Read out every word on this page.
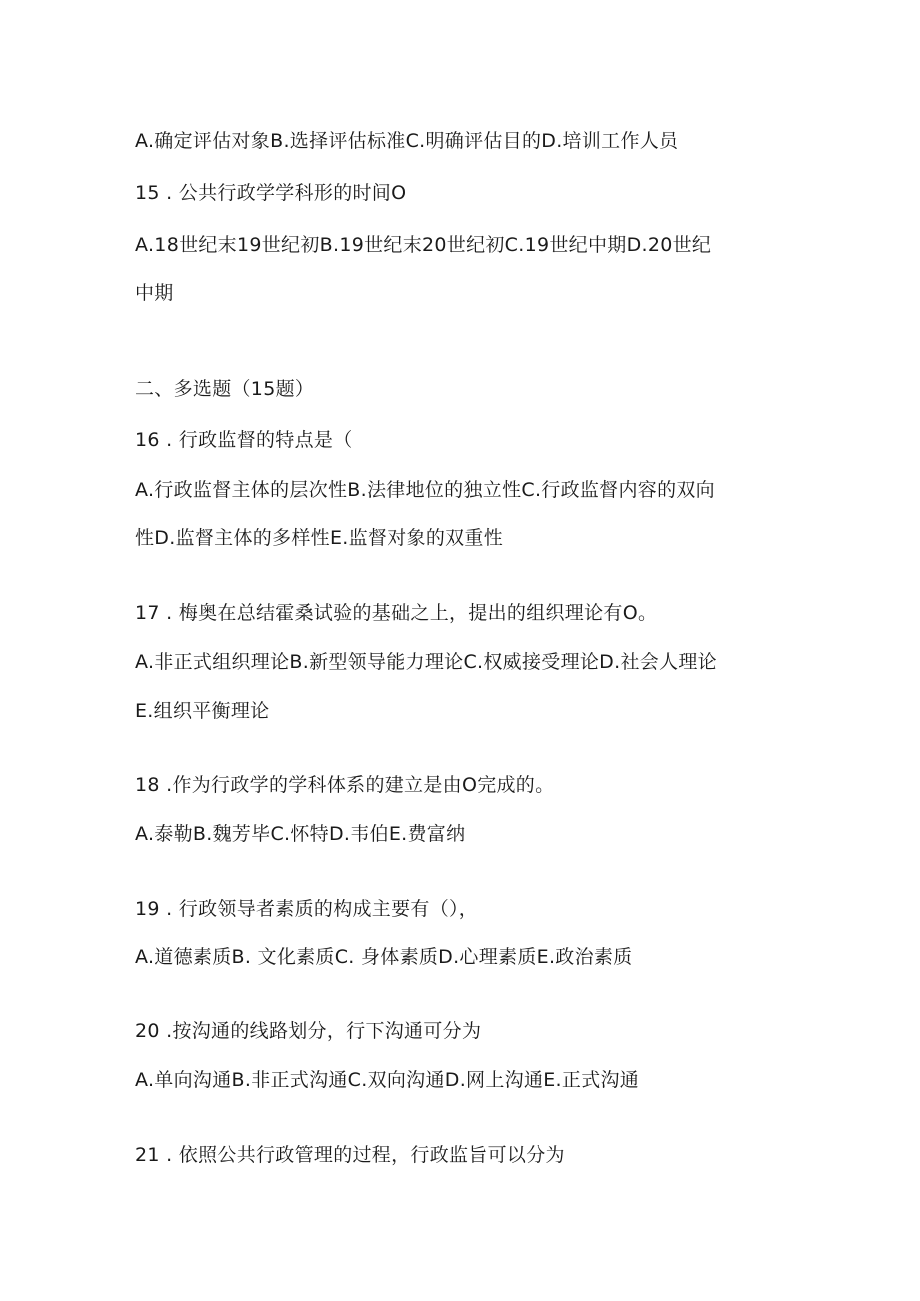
A.确定评估对象B.选择评估标准C.明确评估目的D.培训工作人员
15 . 公共行政学学科形的时间O
A.18世纪末19世纪初B.19世纪末20世纪初C.19世纪中期D.20世纪
中期
二、多选题（15题）
16 . 行政监督的特点是（
A.行政监督主体的层次性B.法律地位的独立性C.行政监督内容的双向
性D.监督主体的多样性E.监督对象的双重性
17 . 梅奥在总结霍桑试验的基础之上，提出的组织理论有O。
A.非正式组织理论B.新型领导能力理论C.权威接受理论D.社会人理论
E.组织平衡理论
18 .作为行政学的学科体系的建立是由O完成的。
A.泰勒B.魏芳毕C.怀特D.韦伯E.费富纳
19 . 行政领导者素质的构成主要有（），
A.道德素质B. 文化素质C. 身体素质D.心理素质E.政治素质
20 .按沟通的线路划分，行下沟通可分为
A.单向沟通B.非正式沟通C.双向沟通D.网上沟通E.正式沟通
21 . 依照公共行政管理的过程，行政监旨可以分为
